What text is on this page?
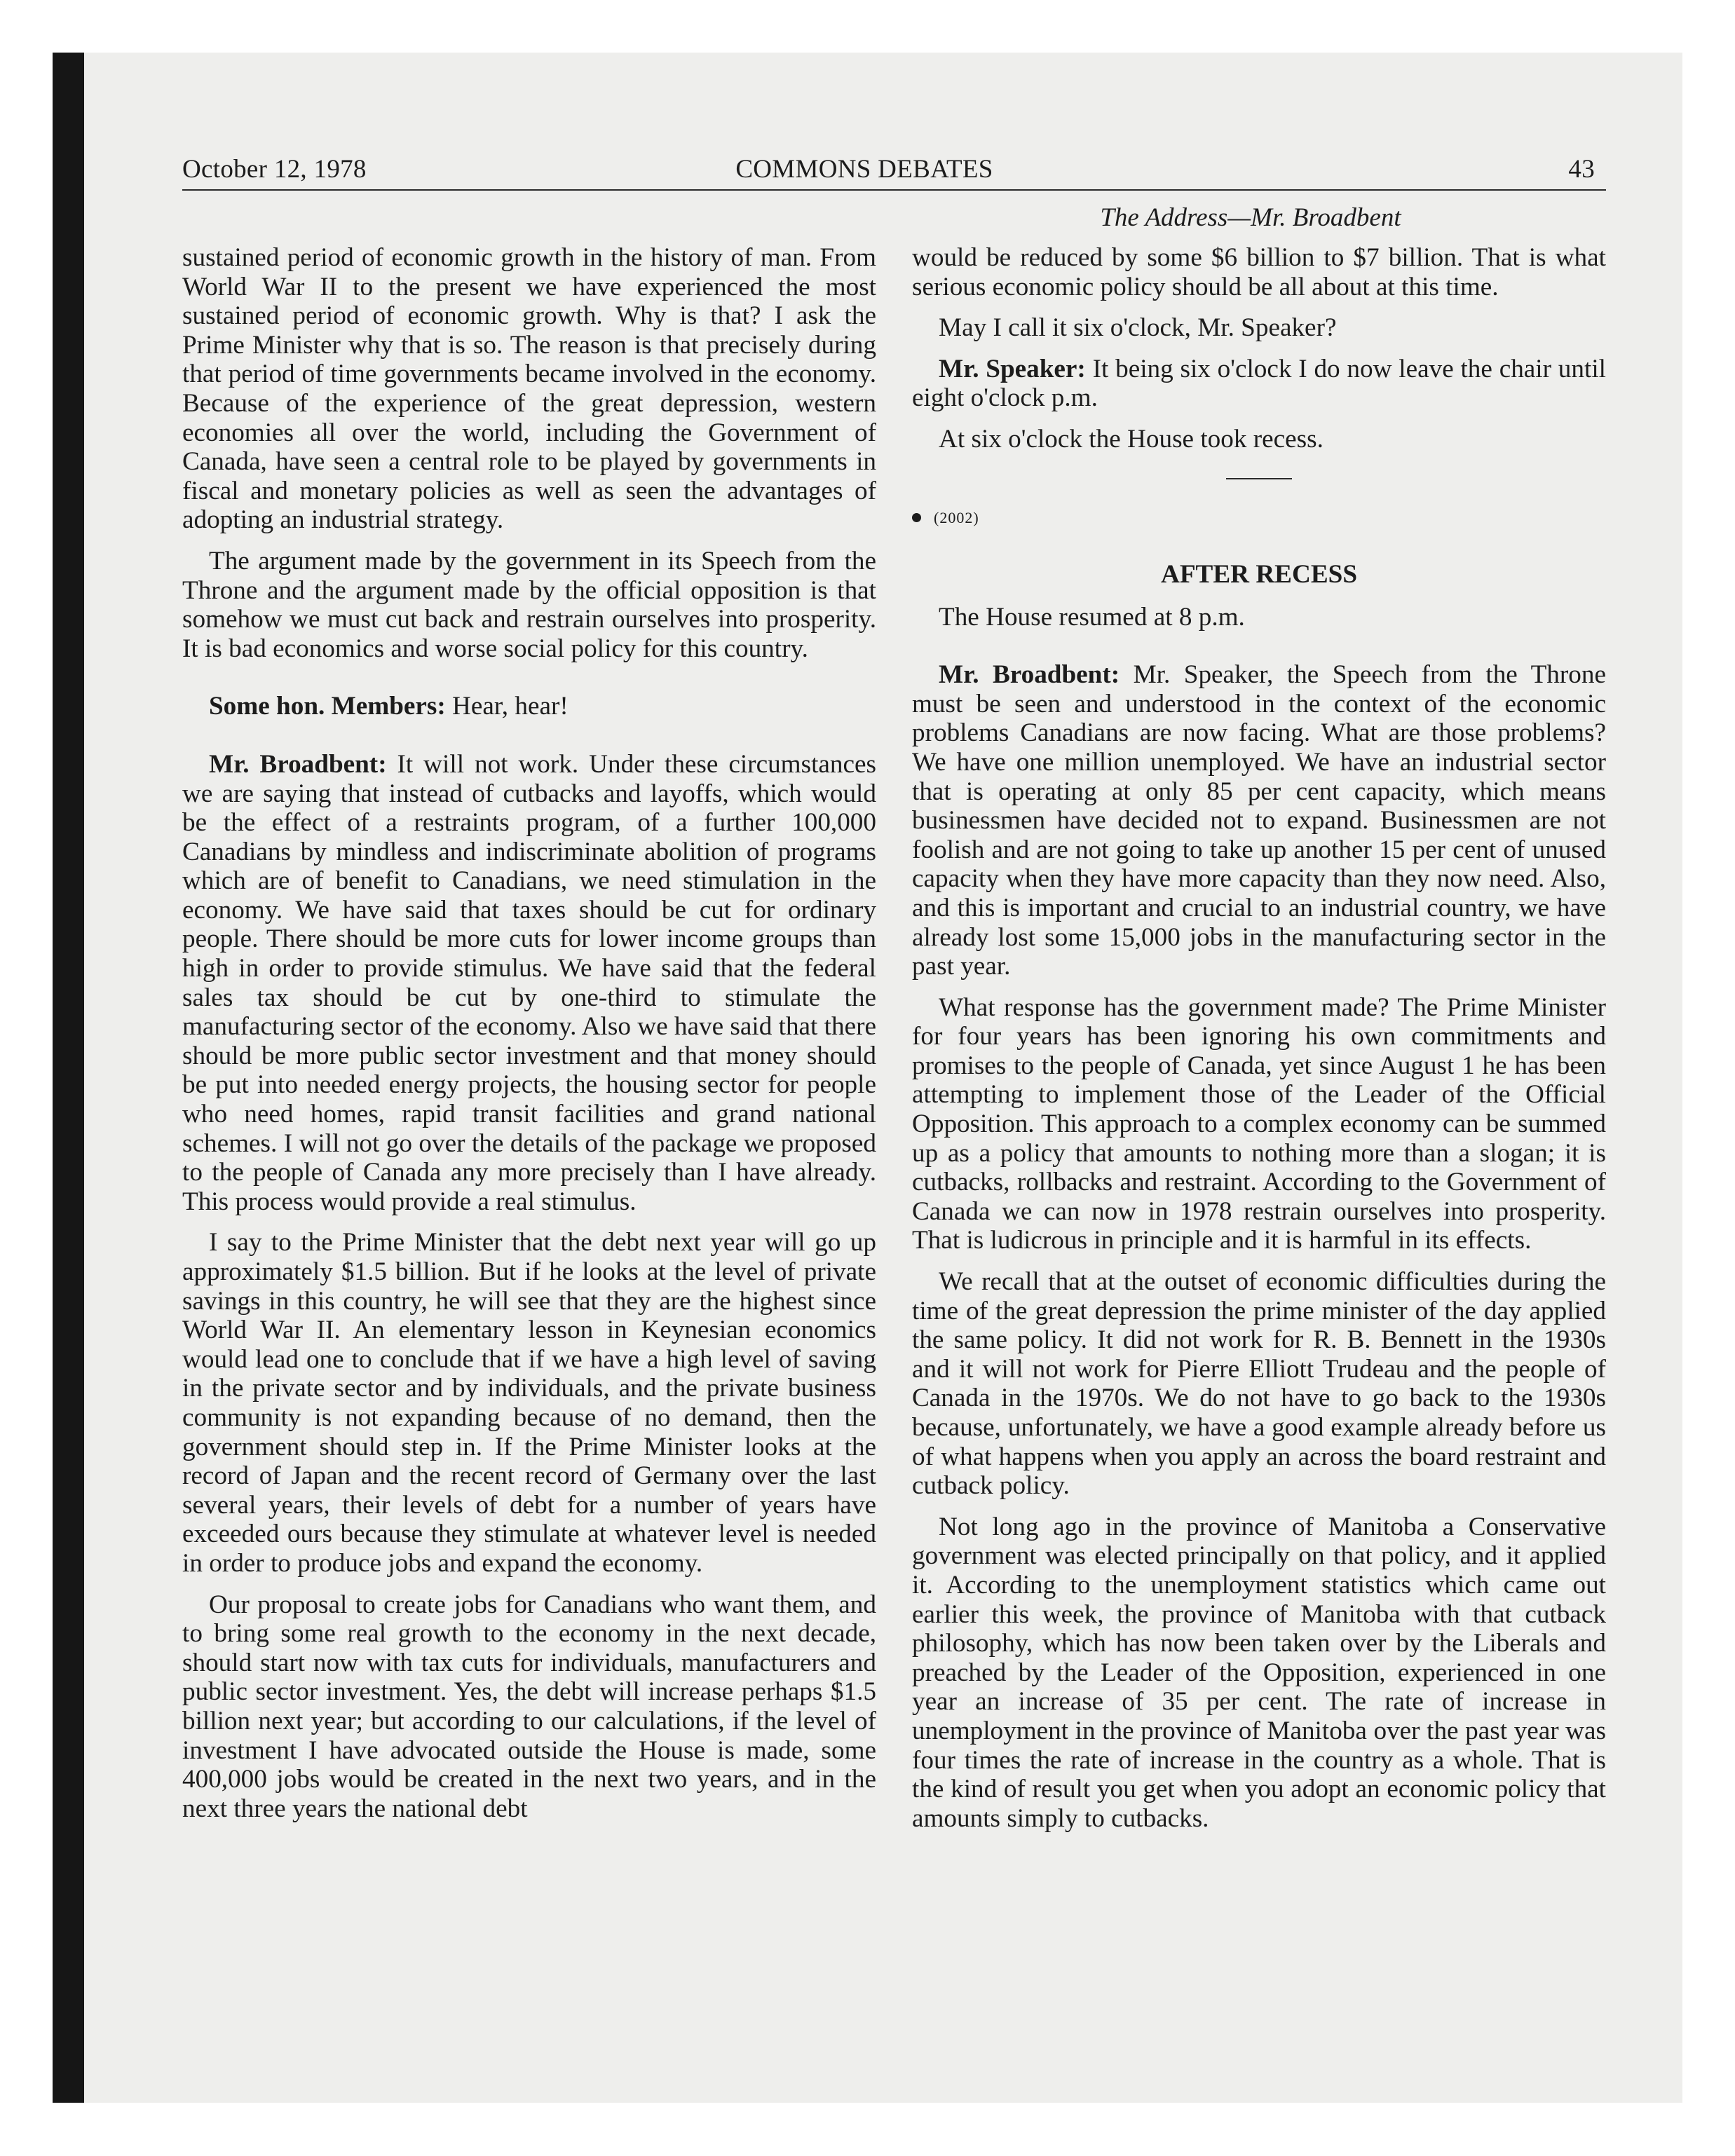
October 12, 1978	COMMONS DEBATES	43
The Address—Mr. Broadbent

sustained period of economic growth in the history of man. From World War II to the present we have experienced the most sustained period of economic growth. Why is that? I ask the Prime Minister why that is so. The reason is that precisely during that period of time governments became involved in the economy. Because of the experience of the great depression, western economies all over the world, including the Government of Canada, have seen a central role to be played by governments in fiscal and monetary policies as well as seen the advantages of adopting an industrial strategy.

The argument made by the government in its Speech from the Throne and the argument made by the official opposition is that somehow we must cut back and restrain ourselves into prosperity. It is bad economics and worse social policy for this country.

Some hon. Members: Hear, hear!

Mr. Broadbent: It will not work. Under these circumstances we are saying that instead of cutbacks and layoffs, which would be the effect of a restraints program, of a further 100,000 Canadians by mindless and indiscriminate abolition of programs which are of benefit to Canadians, we need stimulation in the economy. We have said that taxes should be cut for ordinary people. There should be more cuts for lower income groups than high in order to provide stimulus. We have said that the federal sales tax should be cut by one-third to stimulate the manufacturing sector of the economy. Also we have said that there should be more public sector investment and that money should be put into needed energy projects, the housing sector for people who need homes, rapid transit facilities and grand national schemes. I will not go over the details of the package we proposed to the people of Canada any more precisely than I have already. This process would provide a real stimulus.

I say to the Prime Minister that the debt next year will go up approximately $1.5 billion. But if he looks at the level of private savings in this country, he will see that they are the highest since World War II. An elementary lesson in Keynesian economics would lead one to conclude that if we have a high level of saving in the private sector and by individuals, and the private business community is not expanding because of no demand, then the government should step in. If the Prime Minister looks at the record of Japan and the recent record of Germany over the last several years, their levels of debt for a number of years have exceeded ours because they stimulate at whatever level is needed in order to produce jobs and expand the economy.

Our proposal to create jobs for Canadians who want them, and to bring some real growth to the economy in the next decade, should start now with tax cuts for individuals, manufacturers and public sector investment. Yes, the debt will increase perhaps $1.5 billion next year; but according to our calculations, if the level of investment I have advocated outside the House is made, some 400,000 jobs would be created in the next two years, and in the next three years the national debt

would be reduced by some $6 billion to $7 billion. That is what serious economic policy should be all about at this time.

May I call it six o'clock, Mr. Speaker?

Mr. Speaker: It being six o'clock I do now leave the chair until eight o'clock p.m.

At six o'clock the House took recess.

(2002)
AFTER RECESS

The House resumed at 8 p.m.

Mr. Broadbent: Mr. Speaker, the Speech from the Throne must be seen and understood in the context of the economic problems Canadians are now facing. What are those problems? We have one million unemployed. We have an industrial sector that is operating at only 85 per cent capacity, which means businessmen have decided not to expand. Businessmen are not foolish and are not going to take up another 15 per cent of unused capacity when they have more capacity than they now need. Also, and this is important and crucial to an industrial country, we have already lost some 15,000 jobs in the manufacturing sector in the past year.

What response has the government made? The Prime Minister for four years has been ignoring his own commitments and promises to the people of Canada, yet since August 1 he has been attempting to implement those of the Leader of the Official Opposition. This approach to a complex economy can be summed up as a policy that amounts to nothing more than a slogan; it is cutbacks, rollbacks and restraint. According to the Government of Canada we can now in 1978 restrain ourselves into prosperity. That is ludicrous in principle and it is harmful in its effects.

We recall that at the outset of economic difficulties during the time of the great depression the prime minister of the day applied the same policy. It did not work for R. B. Bennett in the 1930s and it will not work for Pierre Elliott Trudeau and the people of Canada in the 1970s. We do not have to go back to the 1930s because, unfortunately, we have a good example already before us of what happens when you apply an across the board restraint and cutback policy.

Not long ago in the province of Manitoba a Conservative government was elected principally on that policy, and it applied it. According to the unemployment statistics which came out earlier this week, the province of Manitoba with that cutback philosophy, which has now been taken over by the Liberals and preached by the Leader of the Opposition, experienced in one year an increase of 35 per cent. The rate of increase in unemployment in the province of Manitoba over the past year was four times the rate of increase in the country as a whole. That is the kind of result you get when you adopt an economic policy that amounts simply to cutbacks.
